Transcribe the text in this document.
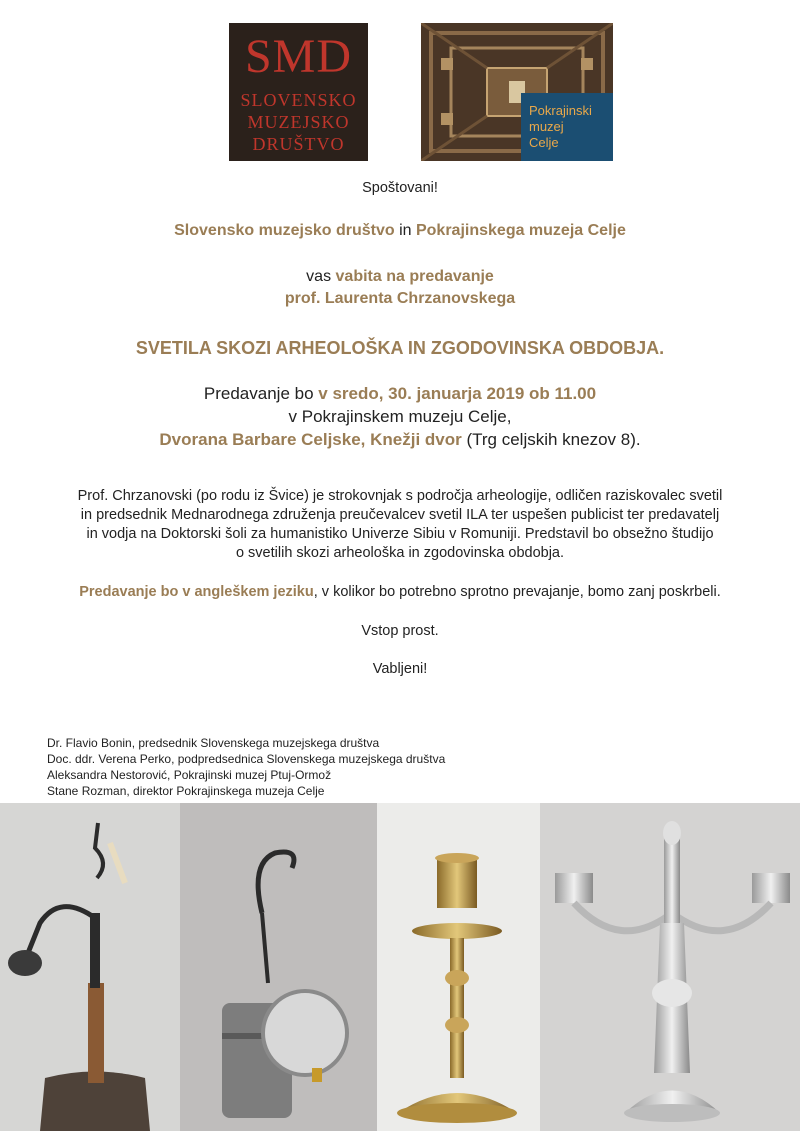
SMD
SLOVENSKO
MUZEJSKO
DRUŠTVO
Pokrajinski
muzej
Celje
Spoštovani!
Slovensko muzejsko društvo in Pokrajinskega muzeja Celje
vas vabita na predavanje
prof. Laurenta Chrzanovskega
SVETILA SKOZI ARHEOLOŠKA IN ZGODOVINSKA OBDOBJA.
Predavanje bo v sredo, 30. januarja 2019 ob 11.00
v Pokrajinskem muzeju Celje,
Dvorana Barbare Celjske, Knežji dvor (Trg celjskih knezov 8).
Prof. Chrzanovski (po rodu iz Švice) je strokovnjak s področja arheologije, odličen raziskovalec svetil
in predsednik Mednarodnega združenja preučevalcev svetil ILA ter uspešen publicist ter predavatelj
in vodja na Doktorski šoli za humanistiko Univerze Sibiu v Romuniji. Predstavil bo obsežno študijo
o svetilih skozi arheološka in zgodovinska obdobja.
Predavanje bo v angleškem jeziku, v kolikor bo potrebno sprotno prevajanje, bomo zanj poskrbeli.
Vstop prost.
Vabljeni!
Dr. Flavio Bonin, predsednik Slovenskega muzejskega društva
Doc. ddr. Verena Perko, podpredsednica Slovenskega muzejskega društva
Aleksandra Nestorović, Pokrajinski muzej Ptuj-Ormož
Stane Rozman, direktor Pokrajinskega muzeja Celje
